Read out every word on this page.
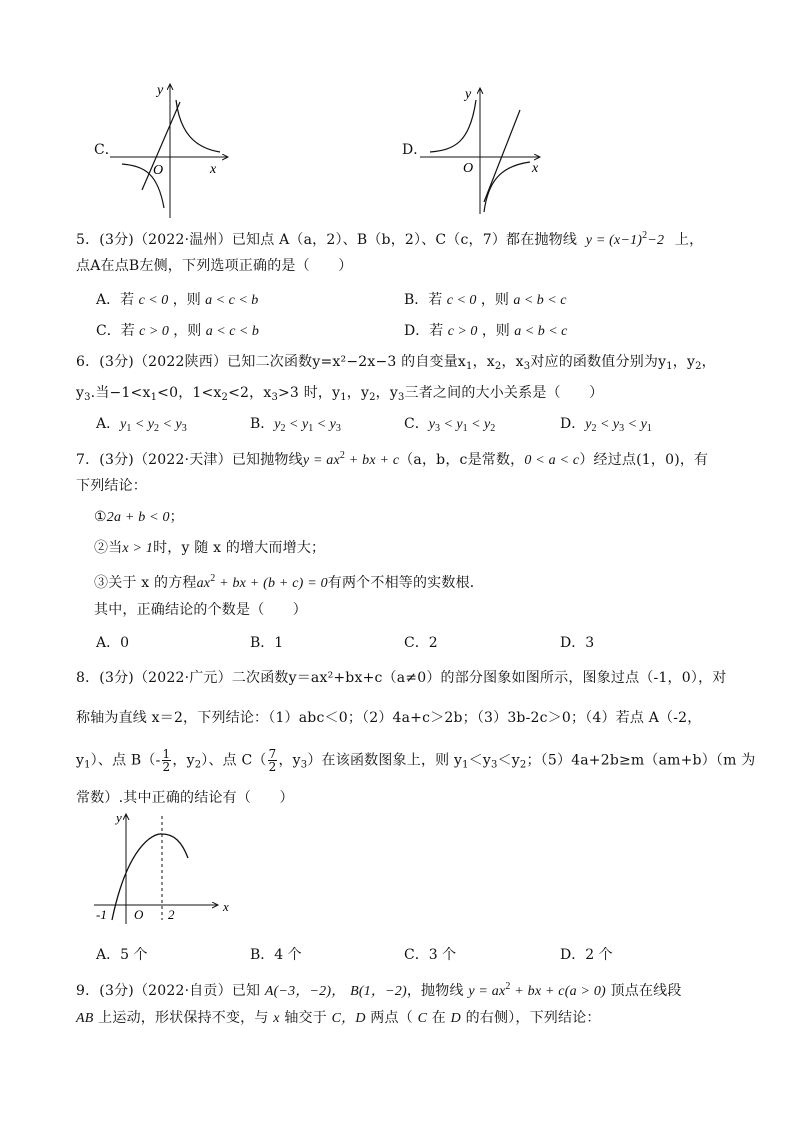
C．
y
x
O
D．
y
x
O
5．(3分)（2022·温州）已知点 A（a，2）、B（b，2）、C（c，7）都在抛物线 $y = (x-1)^2-2$ 上，
点A在点B左侧，下列选项正确的是（　　）
A．若 c < 0 ，则 a < c < b	B．若 c < 0 ，则 a < b < c
C．若 c > 0 ，则 a < c < b	D．若 c > 0 ，则 a < b < c
6．(3分)（2022陕西）已知二次函数y=x²−2x−3 的自变量$x_1$，$x_2$，$x_3$对应的函数值分别为$y_1$，$y_2$，
$y_3$.当$-1<x_1<0$，$1<x_2<2$，$x_3>3$ 时，$y_1$，$y_2$，$y_3$三者之间的大小关系是（　　）
A．$y_1 < y_2 < y_3$	B．$y_2 < y_1 < y_3$	C．$y_3 < y_1 < y_2$	D．$y_2 < y_3 < y_1$
7．(3分)（2022·天津）已知抛物线$y = ax^2$ + bx + c（a，b，c是常数，0 < a < c）经过点(1，0)，有
下列结论：
①2a + b < 0；
②当x > 1时，y 随 x 的增大而增大；
③关于 x 的方程$ax^2$ + bx + (b + c) = 0有两个不相等的实数根．
其中，正确结论的个数是（　　）
A．0	B．1	C．2	D．3
8．(3分)（2022·广元）二次函数y＝ax²+bx+c（a≠0）的部分图象如图所示，图象过点（-1，0），对
称轴为直线 x＝2，下列结论：（1）abc＜0；（2）4a+c＞2b；（3）3b-2c＞0；（4）若点 A（-2，
$y_1$）、点 $B(- \frac{1}{2}$ ，$y_2$）、点 $C( \frac{7}{2}$ ，$y_3$）在该函数图象上，则 $y_1<y_3<y_2$；（5）4a+2b≥m（am+b）（m 为
常数）.其中正确的结论有（　　）
y
x
O
-1	2
A．5 个	B．4 个	C．3 个	D．2 个
9．(3分)（2022·自贡）已知 A(−3，−2)， B(1，−2)，抛物线 $y = ax^2$ + bx + c(a > 0) 顶点在线段
AB 上运动，形状保持不变，与 x 轴交于 C，D 两点（ C 在 D 的右侧），下列结论：
